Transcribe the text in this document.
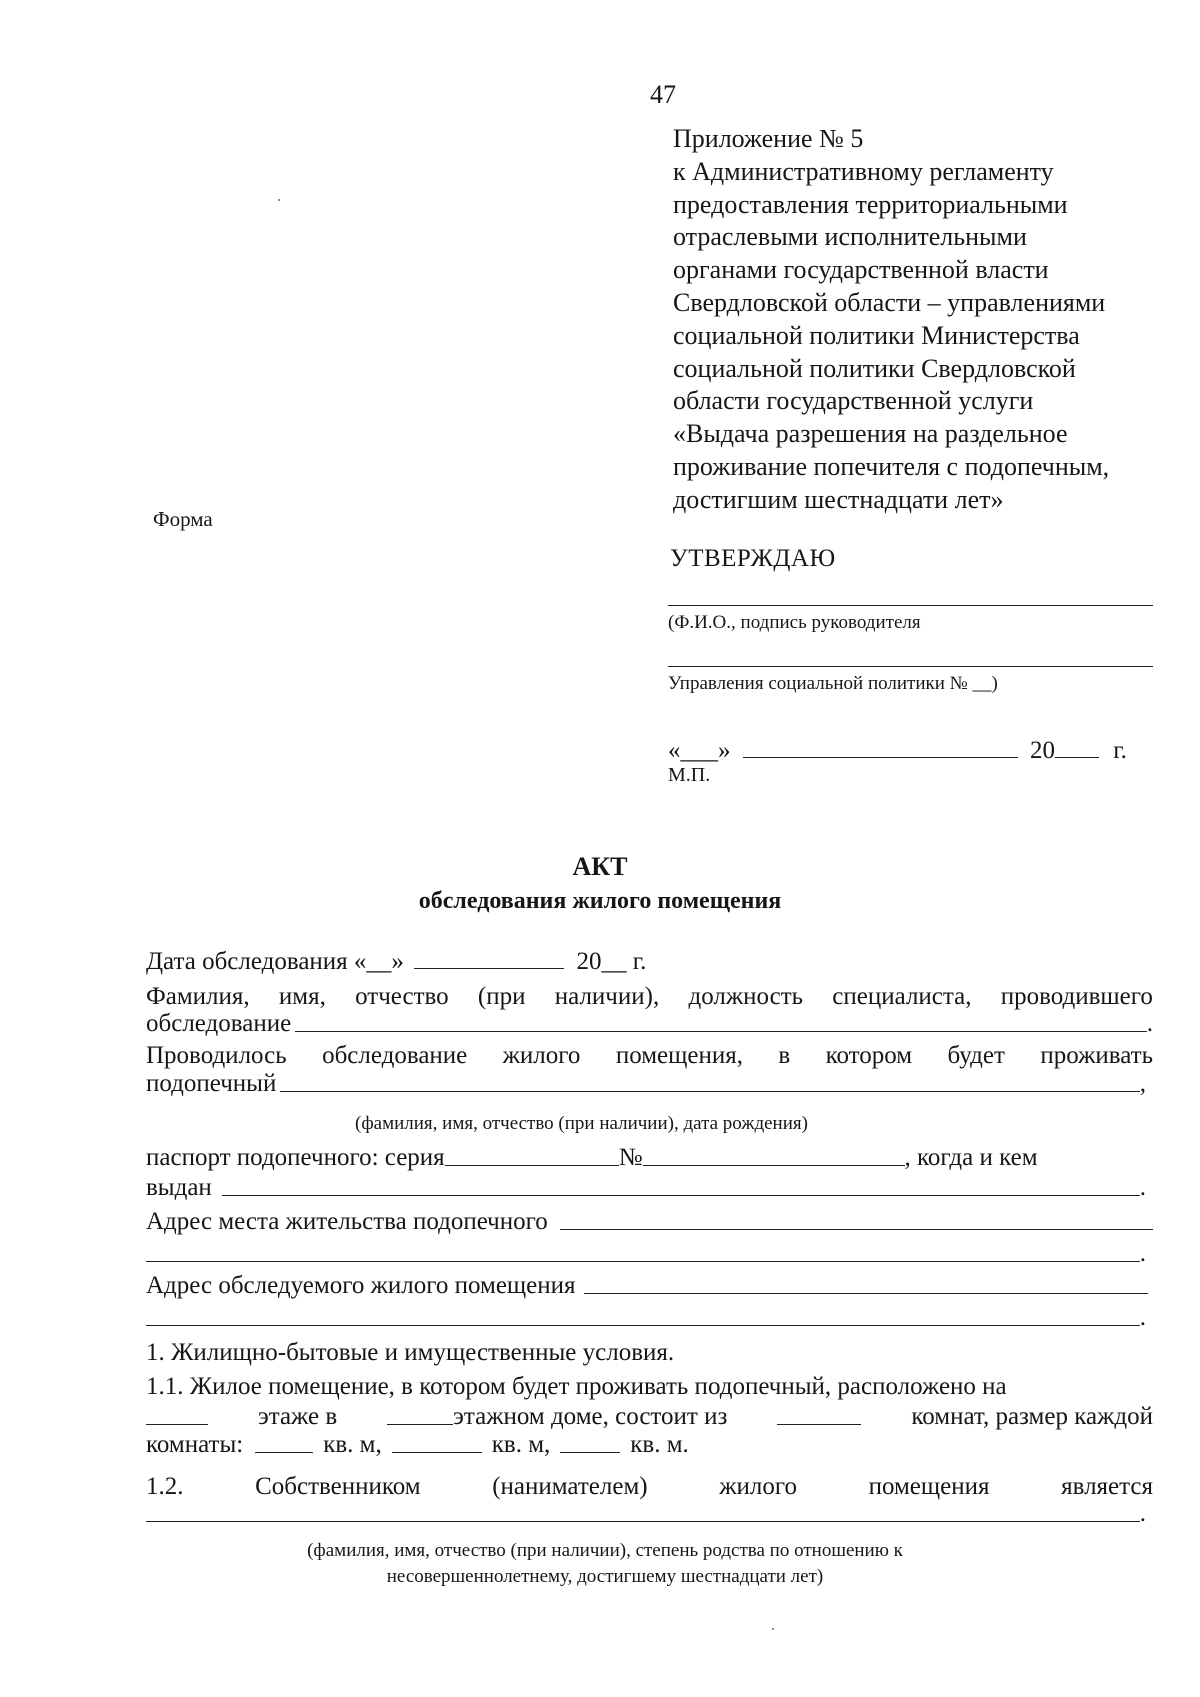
47
Приложение № 5
к Административному регламенту
предоставления территориальными
отраслевыми исполнительными
органами государственной власти
Свердловской области – управлениями
социальной политики Министерства
социальной политики Свердловской
области государственной услуги
«Выдача разрешения на раздельное
проживание попечителя с подопечным,
достигшим шестнадцати лет»
Форма
УТВЕРЖДАЮ
(Ф.И.О., подпись руководителя
Управления социальной политики № __)
«___»	20 г.
М.П.
АКТ
обследования жилого помещения
Дата обследования «__»	20__ г.
Фамилия, имя, отчество (при наличии), должность специалиста, проводившего
обследование	.
Проводилось обследование жилого помещения, в котором будет проживать
подопечный	,
(фамилия, имя, отчество (при наличии), дата рождения)
паспорт подопечного: серия	№	, когда и кем
выдан	.
Адрес места жительства подопечного
.
Адрес обследуемого жилого помещения
.
1. Жилищно-бытовые и имущественные условия.
1.1. Жилое помещение, в котором будет проживать подопечный, расположено на
этаже в	этажном доме, состоит из	комнат, размер каждой
комнаты:	кв. м,	кв. м,	кв. м.
1.2.	Собственником	(нанимателем)	жилого	помещения	является
.
(фамилия, имя, отчество (при наличии), степень родства по отношению к
несовершеннолетнему, достигшему шестнадцати лет)
